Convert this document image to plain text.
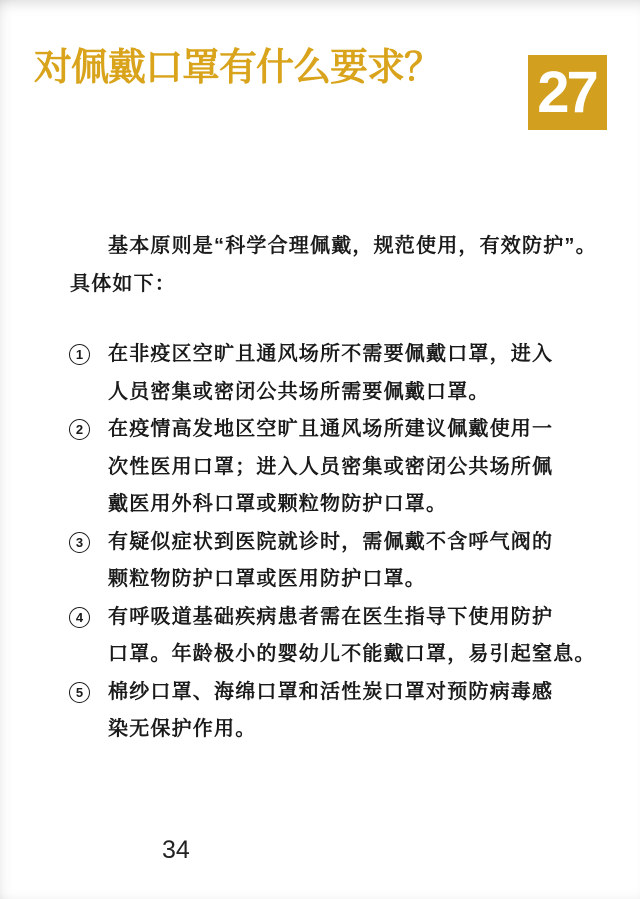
对佩戴口罩有什么要求？ 27
基本原则是“科学合理佩戴，规范使用，有效防护”。
具体如下：
1 在非疫区空旷且通风场所不需要佩戴口罩，进入
人员密集或密闭公共场所需要佩戴口罩。
2 在疫情高发地区空旷且通风场所建议佩戴使用一
次性医用口罩；进入人员密集或密闭公共场所佩
戴医用外科口罩或颗粒物防护口罩。
3 有疑似症状到医院就诊时，需佩戴不含呼气阀的
颗粒物防护口罩或医用防护口罩。
4 有呼吸道基础疾病患者需在医生指导下使用防护
口罩。年龄极小的婴幼儿不能戴口罩，易引起窒息。
5 棉纱口罩、海绵口罩和活性炭口罩对预防病毒感
染无保护作用。
34
